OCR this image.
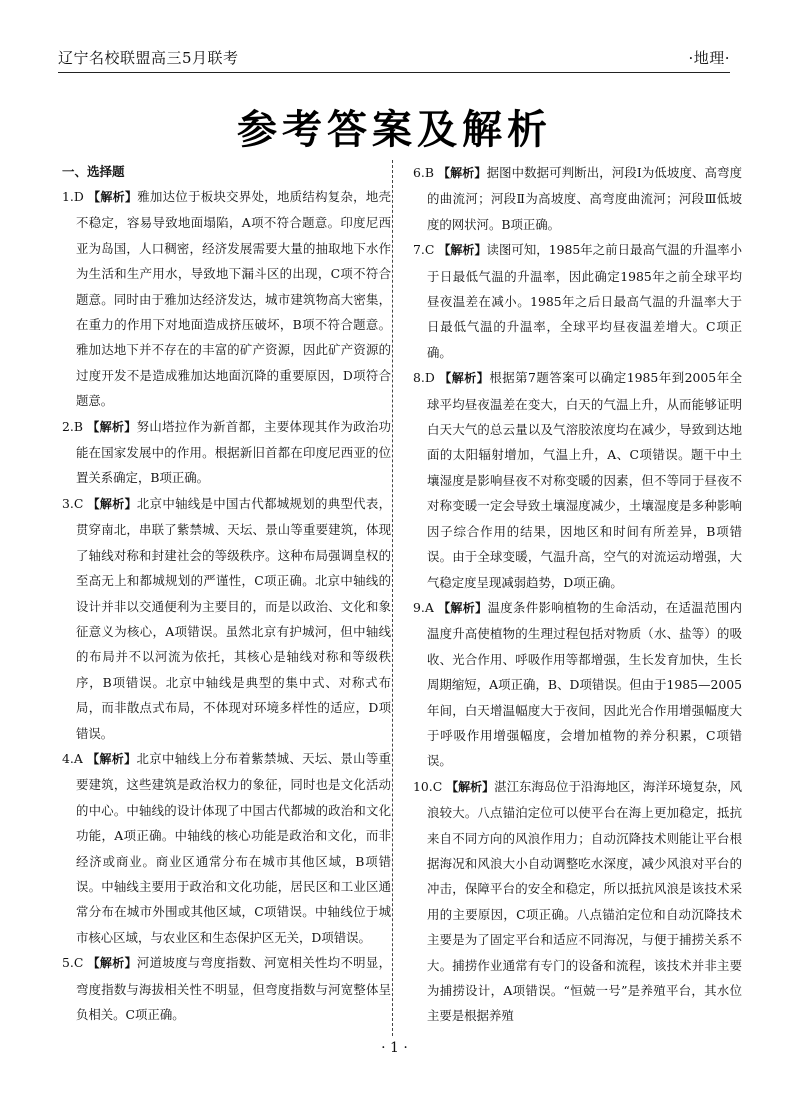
辽宁名校联盟高三5月联考	·地理·
参考答案及解析
一、选择题

1.D 【解析】雅加达位于板块交界处，地质结构复杂，地壳不稳定，容易导致地面塌陷，A项不符合题意。印度尼西亚为岛国，人口稠密，经济发展需要大量的抽取地下水作为生活和生产用水，导致地下漏斗区的出现，C项不符合题意。同时由于雅加达经济发达，城市建筑物高大密集，在重力的作用下对地面造成挤压破坏，B项不符合题意。雅加达地下并不存在的丰富的矿产资源，因此矿产资源的过度开发不是造成雅加达地面沉降的重要原因，D项符合题意。

2.B 【解析】努山塔拉作为新首都，主要体现其作为政治功能在国家发展中的作用。根据新旧首都在印度尼西亚的位置关系确定，B项正确。

3.C 【解析】北京中轴线是中国古代都城规划的典型代表，贯穿南北，串联了紫禁城、天坛、景山等重要建筑，体现了轴线对称和封建社会的等级秩序。这种布局强调皇权的至高无上和都城规划的严谨性，C项正确。北京中轴线的设计并非以交通便利为主要目的，而是以政治、文化和象征意义为核心，A项错误。虽然北京有护城河，但中轴线的布局并不以河流为依托，其核心是轴线对称和等级秩序，B项错误。北京中轴线是典型的集中式、对称式布局，而非散点式布局，不体现对环境多样性的适应，D项错误。

4.A 【解析】北京中轴线上分布着紫禁城、天坛、景山等重要建筑，这些建筑是政治权力的象征，同时也是文化活动的中心。中轴线的设计体现了中国古代都城的政治和文化功能，A项正确。中轴线的核心功能是政治和文化，而非经济或商业。商业区通常分布在城市其他区域，B项错误。中轴线主要用于政治和文化功能，居民区和工业区通常分布在城市外围或其他区域，C项错误。中轴线位于城市核心区域，与农业区和生态保护区无关，D项错误。

5.C 【解析】河道坡度与弯度指数、河宽相关性均不明显，弯度指数与海拔相关性不明显，但弯度指数与河宽整体呈负相关。C项正确。

6.B 【解析】据图中数据可判断出，河段Ⅰ为低坡度、高弯度的曲流河；河段Ⅱ为高坡度、高弯度曲流河；河段Ⅲ低坡度的网状河。B项正确。

7.C 【解析】读图可知，1985年之前日最高气温的升温率小于日最低气温的升温率，因此确定1985年之前全球平均昼夜温差在减小。1985年之后日最高气温的升温率大于日最低气温的升温率，全球平均昼夜温差增大。C项正确。

8.D 【解析】根据第7题答案可以确定1985年到2005年全球平均昼夜温差在变大，白天的气温上升，从而能够证明白天大气的总云量以及气溶胶浓度均在减少，导致到达地面的太阳辐射增加，气温上升，A、C项错误。题干中土壤湿度是影响昼夜不对称变暖的因素，但不等同于昼夜不对称变暖一定会导致土壤湿度减少，土壤湿度是多种影响因子综合作用的结果，因地区和时间有所差异，B项错误。由于全球变暖，气温升高，空气的对流运动增强，大气稳定度呈现减弱趋势，D项正确。

9.A 【解析】温度条件影响植物的生命活动，在适温范围内温度升高使植物的生理过程包括对物质（水、盐等）的吸收、光合作用、呼吸作用等都增强，生长发育加快，生长周期缩短，A项正确，B、D项错误。但由于1985—2005年间，白天增温幅度大于夜间，因此光合作用增强幅度大于呼吸作用增强幅度，会增加植物的养分积累，C项错误。

10.C 【解析】湛江东海岛位于沿海地区，海洋环境复杂，风浪较大。八点锚泊定位可以使平台在海上更加稳定，抵抗来自不同方向的风浪作用力；自动沉降技术则能让平台根据海况和风浪大小自动调整吃水深度，减少风浪对平台的冲击，保障平台的安全和稳定，所以抵抗风浪是该技术采用的主要原因，C项正确。八点锚泊定位和自动沉降技术主要是为了固定平台和适应不同海况，与便于捕捞关系不大。捕捞作业通常有专门的设备和流程，该技术并非主要为捕捞设计，A项错误。“恒兢一号”是养殖平台，其水位主要是根据养殖

· 1 ·
